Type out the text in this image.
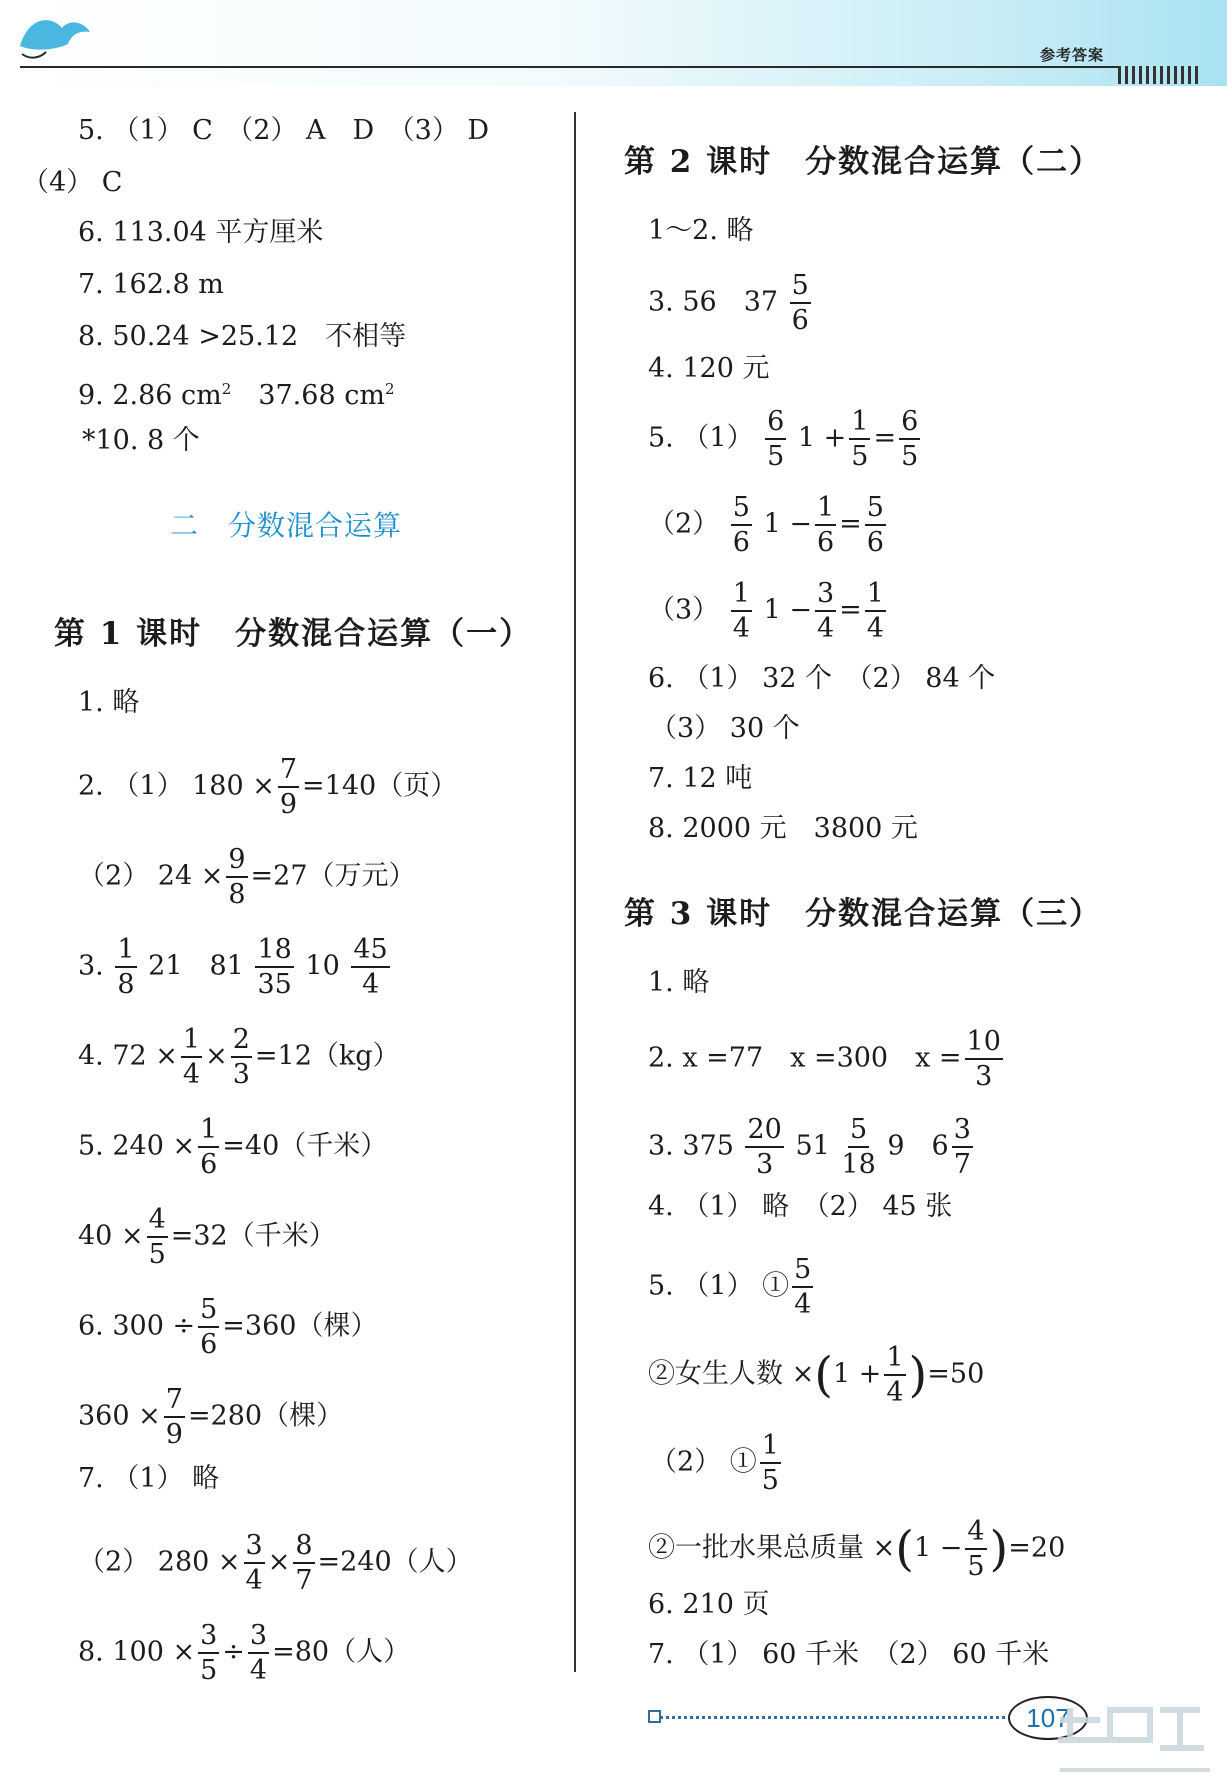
参考答案
5. （1） C　（2） A　D　（3） D
（4） C
6. 113.04 平方厘米
7. 162.8 m
8. 50.24 >25.12　不相等
9. 2.86 $cm^2$　 37.68 $cm^2$
*10. 8 个
二　分数混合运算
第 1 课时　分数混合运算（一）
1. 略
2. （1） $180 \times \frac{7}{9} =140$（页）
（2） $24 \times \frac{9}{8} =27$（万元）
3. $\frac{1}{8} 21$　$81 \frac{18}{35} 10 \frac{45}{4}$
4. $72 \times \frac{1}{4} \times \frac{2}{3} =12(kg)$
5. $240 \times \frac{1}{6} =40$（千米）
$40 \times \frac{4}{5} =32$（千米）
6. $300 \div \frac{5}{6} =360$（棵）
$360 \times \frac{7}{9} =280$（棵）
7. （1） 略
（2） $280 \times \frac{3}{4} \times \frac{8}{7} =240$（人）
8. $100 \times \frac{3}{5} \div \frac{3}{4} =80$（人）
第 2 课时　分数混合运算（二）
1～2. 略
3. 56　$37 \frac{5}{6}$
4. 120 元
5. $(1) \frac{6}{5} 1 + \frac{1}{5} = \frac{6}{5}$
$(2) \frac{5}{6} 1 - \frac{1}{6} = \frac{5}{6}$
$(3) \frac{1}{4} 1 - \frac{3}{4} = \frac{1}{4}$
6. （1） 32 个　（2） 84 个
（3） 30 个
7. 12 吨
8. 2000 元　3800 元
第 3 课时　分数混合运算（三）
1. 略
2. x =77　x =300　$x = \frac{10}{3}$
3. $375 \frac{20}{3} 51 \frac{5}{18} 9$　$6 \frac{3}{7}$
4. （1） 略　（2） 45 张
5. （1） ① $\frac{5}{4}$
②女生人数 $\times(1 + \frac{1}{4} )=50$
（2） ① $\frac{1}{5}$
②一批水果总质量 $\times(1 - \frac{4}{5} )=20$
6. 210 页
7. （1） 60 千米　（2） 60 千米
107
